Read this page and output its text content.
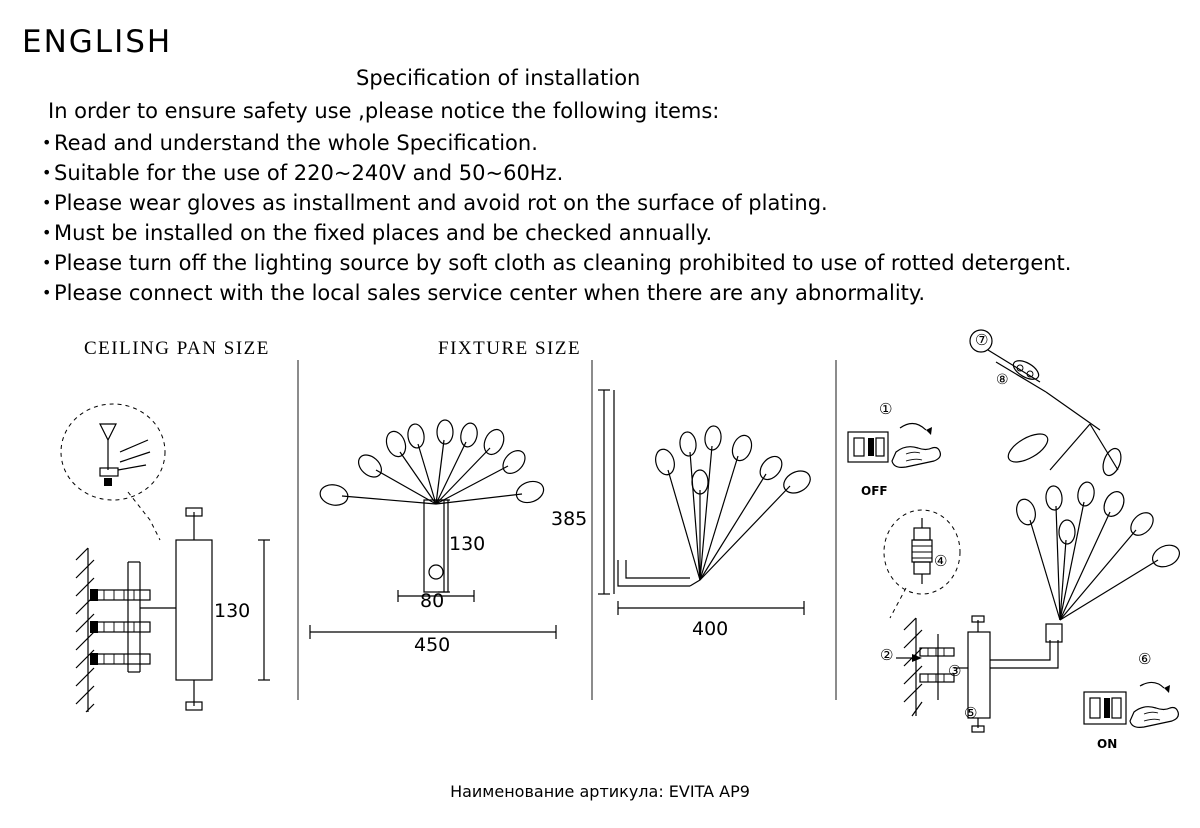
ENGLISH
Specification of installation
In order to ensure safety use ,please notice the following items:
• Read and understand the whole Specification.
• Suitable for the use of 220~240V and 50~60Hz.
• Please wear gloves as installment and avoid rot on the surface of plating.
• Must be installed on the fixed places and be checked annually.
• Please turn off the lighting source by soft cloth as cleaning prohibited to use of rotted detergent.
• Please connect with the local sales service center when there are any abnormality.
CEILING PAN SIZE	FIXTURE SIZE
130
130
80
450
385
400
①
②
③
④
⑤
⑥
⑦
⑧
OFF
ON
Наименование артикула: EVITA AP9
